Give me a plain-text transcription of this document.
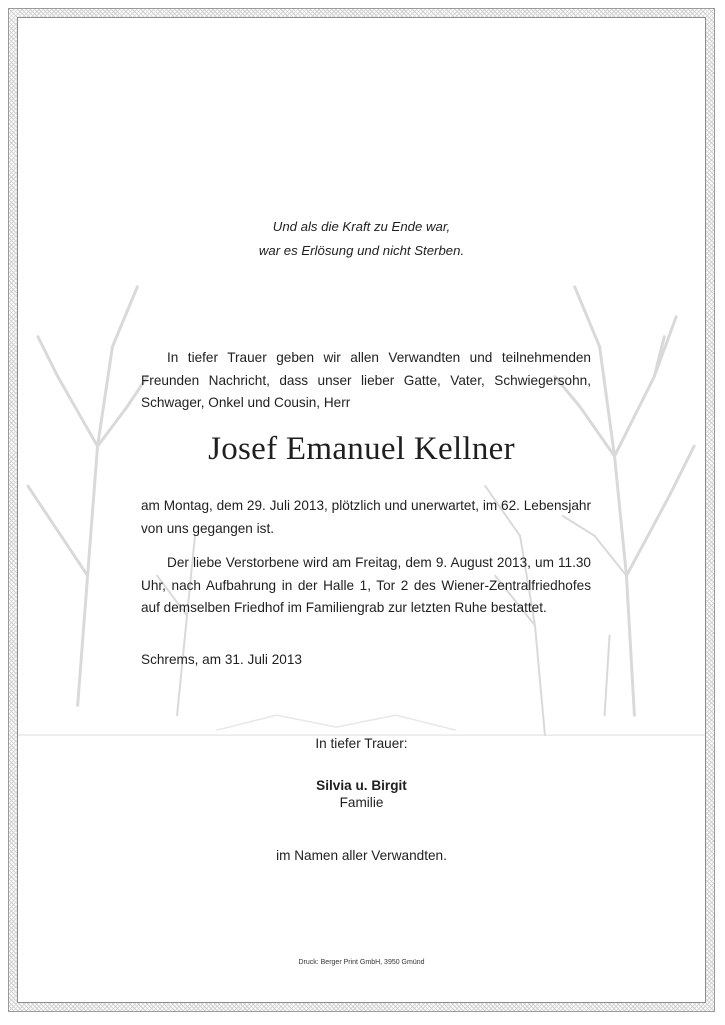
Und als die Kraft zu Ende war,
war es Erlösung und nicht Sterben.
In tiefer Trauer geben wir allen Verwandten und teilnehmenden Freunden Nachricht, dass unser lieber Gatte, Vater, Schwiegersohn, Schwager, Onkel und Cousin, Herr
Josef Emanuel Kellner
am Montag, dem 29. Juli 2013, plötzlich und unerwartet, im 62. Lebensjahr von uns gegangen ist.
Der liebe Verstorbene wird am Freitag, dem 9. August 2013, um 11.30 Uhr, nach Aufbahrung in der Halle 1, Tor 2 des Wiener-Zentralfriedhofes auf demselben Friedhof im Familiengrab zur letzten Ruhe bestattet.
Schrems, am 31. Juli 2013
In tiefer Trauer:
Silvia u. Birgit
Familie
im Namen aller Verwandten.
Druck: Berger Print GmbH, 3950 Gmünd
